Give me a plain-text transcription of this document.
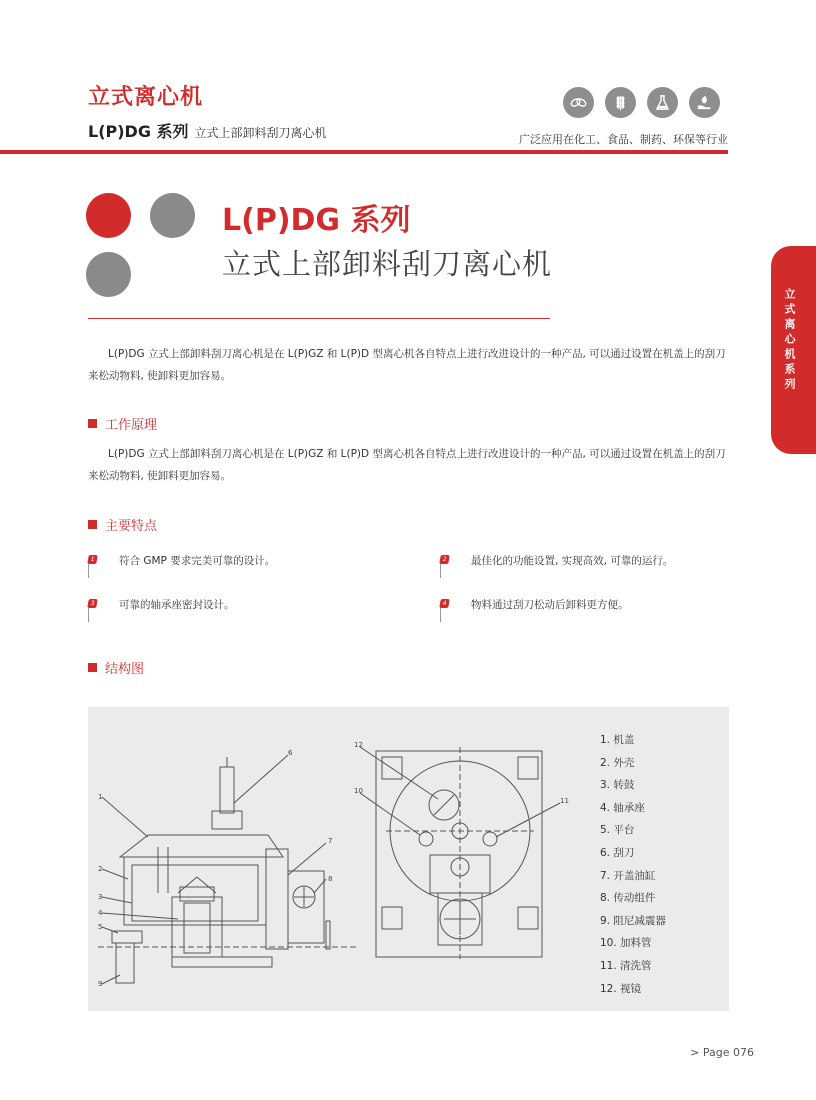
立式离心机
L(P)DG 系列 立式上部卸料刮刀离心机	广泛应用在化工、食品、制药、环保等行业
L(P)DG 系列
立式上部卸料刮刀离心机
立式离心机系列
L(P)DG 立式上部卸料刮刀离心机是在 L(P)GZ 和 L(P)D 型离心机各自特点上进行改进设计的一种产品, 可以通过设置在机盖上的刮刀来松动物料, 使卸料更加容易。
工作原理
L(P)DG 立式上部卸料刮刀离心机是在 L(P)GZ 和 L(P)D 型离心机各自特点上进行改进设计的一种产品, 可以通过设置在机盖上的刮刀来松动物料, 使卸料更加容易。
主要特点
1 符合 GMP 要求完美可靠的设计。	2 最佳化的功能设置, 实现高效, 可靠的运行。
3 可靠的轴承座密封设计。	4 物料通过刮刀松动后卸料更方便。
结构图
1
2
3
4
5
6
7
8
9
12
10
11
1. 机盖
2. 外壳
3. 转鼓
4. 轴承座
5. 平台
6. 刮刀
7. 开盖油缸
8. 传动组件
9. 阻尼减震器
10. 加料管
11. 清洗管
12. 视镜
> Page 076
